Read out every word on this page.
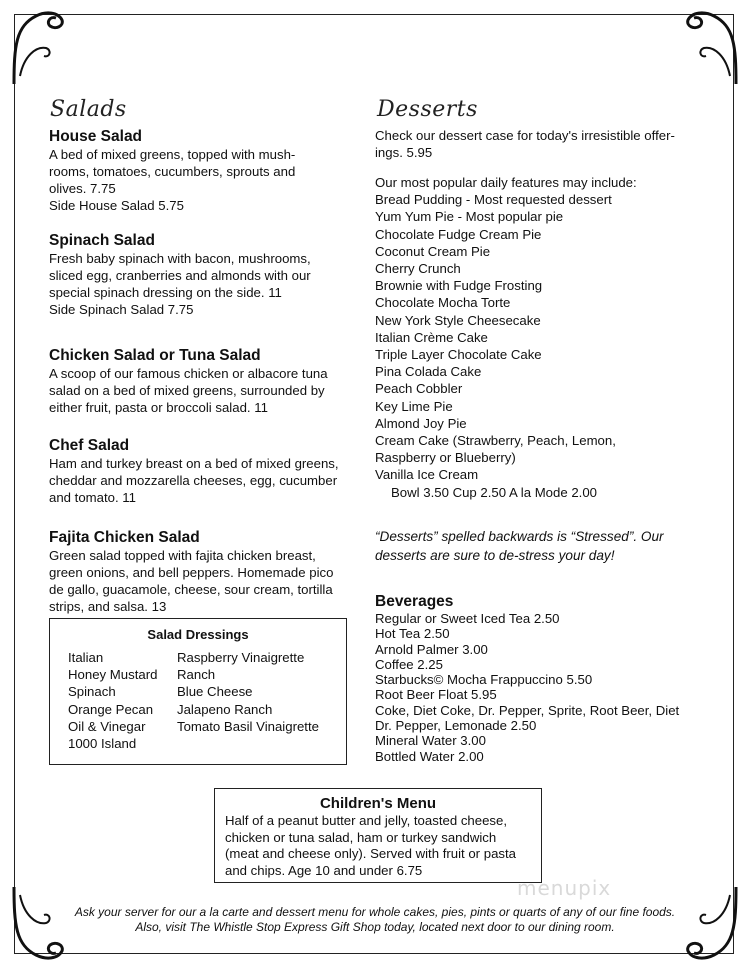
Salads

House Salad

A bed of mixed greens, topped with mush-

rooms, tomatoes, cucumbers, sprouts and

olives. 7.75

Side House Salad 5.75

Spinach Salad

Fresh baby spinach with bacon, mushrooms,

sliced egg, cranberries and almonds with our

special spinach dressing on the side. 11

Side Spinach Salad 7.75

Chicken Salad or Tuna Salad

A scoop of our famous chicken or albacore tuna

salad on a bed of mixed greens, surrounded by

either fruit, pasta or broccoli salad. 11

Chef Salad

Ham and turkey breast on a bed of mixed greens,

cheddar and mozzarella cheeses, egg, cucumber

and tomato. 11

Fajita Chicken Salad

Green salad topped with fajita chicken breast,

green onions, and bell peppers. Homemade pico

de gallo, guacamole, cheese, sour cream, tortilla

strips, and salsa. 13

Salad Dressings
Italian
Honey Mustard
Spinach
Orange Pecan
Oil & Vinegar
1000 Island
Raspberry Vinaigrette
Ranch
Blue Cheese
Jalapeno Ranch
Tomato Basil Vinaigrette

Desserts

Check our dessert case for today's irresistible offer-

ings. 5.95

Our most popular daily features may include:
Bread Pudding - Most requested dessert
Yum Yum Pie - Most popular pie
Chocolate Fudge Cream Pie
Coconut Cream Pie
Cherry Crunch
Brownie with Fudge Frosting
Chocolate Mocha Torte
New York Style Cheesecake
Italian Crème Cake
Triple Layer Chocolate Cake
Pina Colada Cake
Peach Cobbler
Key Lime Pie
Almond Joy Pie
Cream Cake (Strawberry, Peach, Lemon,
Raspberry or Blueberry)
Vanilla Ice Cream
Bowl 3.50 Cup 2.50 A la Mode 2.00

“Desserts” spelled backwards is “Stressed”. Our

desserts are sure to de-stress your day!

Beverages

Regular or Sweet Iced Tea 2.50
Hot Tea 2.50
Arnold Palmer 3.00
Coffee 2.25
Starbucks© Mocha Frappuccino 5.50
Root Beer Float 5.95
Coke, Diet Coke, Dr. Pepper, Sprite, Root Beer, Diet
Dr. Pepper, Lemonade 2.50
Mineral Water 3.00
Bottled Water 2.00
Children's Menu

Half of a peanut butter and jelly, toasted cheese,

chicken or tuna salad, ham or turkey sandwich

(meat and cheese only). Served with fruit or pasta

and chips. Age 10 and under 6.75

menupix

Ask your server for our a la carte and dessert menu for whole cakes, pies, pints or quarts of any of our fine foods.

Also, visit The Whistle Stop Express Gift Shop today, located next door to our dining room.
